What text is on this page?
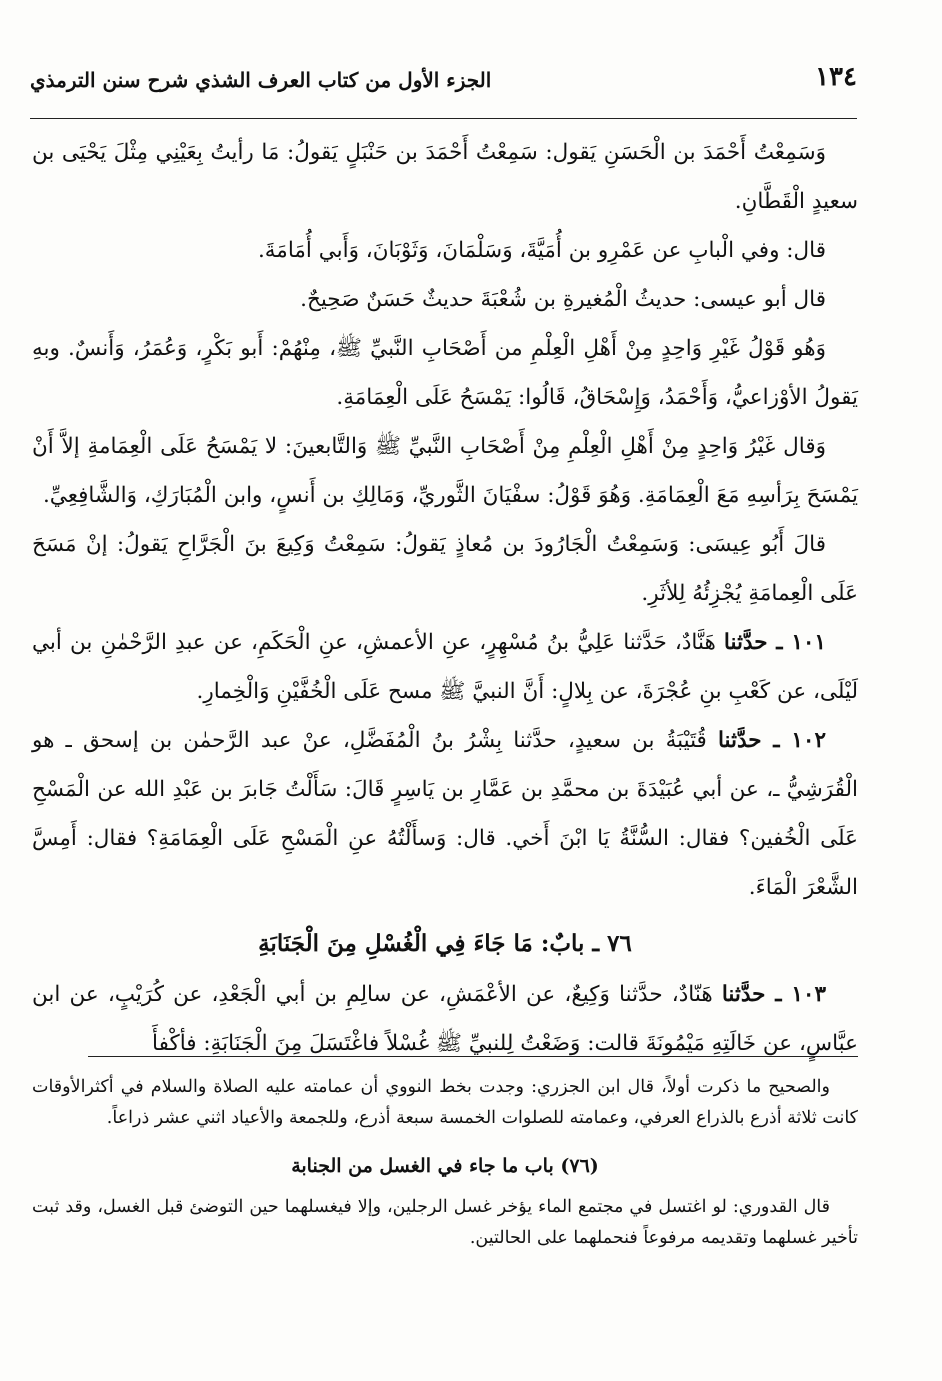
١٣٤
الجزء الأول من كتاب العرف الشذي شرح سنن الترمذي

وَسَمِعْتُ أَحْمَدَ بن الْحَسَنِ يَقول: سَمِعْتُ أَحْمَدَ بن حَنْبَلٍ يَقولُ: مَا رأيتُ بِعَيْنِي مِثْلَ يَحْيَى بن سعيدٍ الْقَطَّانِ.

قال: وفي الْبابِ عن عَمْرِو بن أُمَيَّةَ، وَسَلْمَانَ، وَثَوْبَانَ، وَأَبي أُمَامَةَ.

قال أبو عيسى: حديثُ الْمُغيرةِ بن شُعْبَةَ حديثٌ حَسَنٌ صَحِيحٌ.

وَهُو قَوْلُ غَيْرِ وَاحِدٍ مِنْ أَهْلِ الْعِلْمِ من أَصْحَابِ النَّبيِّ ﷺ، مِنْهُمْ: أَبو بَكْرٍ، وَعُمَرُ، وَأَنسٌ. وبهِ يَقولُ الأوْزاعيُّ، وَأَحْمَدُ، وَإِسْحَاقُ، قَالُوا: يَمْسَحُ عَلَى الْعِمَامَةِ.

وَقال غَيْرُ وَاحِدٍ مِنْ أَهْلِ الْعِلْمِ مِنْ أَصْحَابِ النَّبيِّ ﷺ وَالتَّابعينَ: لا يَمْسَحُ عَلَى الْعِمَامةِ إلاَّ أَنْ يَمْسَحَ بِرَأسِهِ مَعَ الْعِمَامَةِ. وَهُوَ قَوْلُ: سفْيَانَ الثَّوريِّ، وَمَالِكِ بن أَنسٍ، وابن الْمُبَارَكِ، وَالشَّافِعِيِّ.

قالَ أَبُو عِيسَى: وَسَمِعْتُ الْجَارُودَ بن مُعاذٍ يَقولُ: سَمِعْتُ وَكِيعَ بنَ الْجَرَّاحِ يَقولُ: إنْ مَسَحَ عَلَى الْعِمامَةِ يُجْزِئُهُ لِلأثَرِ.

١٠١ ـ حدَّثنا هَنَّادٌ، حَدَّثنا عَلِيُّ بنُ مُسْهِرٍ، عنِ الأعمشِ، عنِ الْحَكَمِ، عن عبدِ الرَّحْمٰنِ بن أبي لَيْلَى، عن كَعْبِ بنِ عُجْرَةَ، عن بِلالٍ: أَنَّ النبيَّ ﷺ مسح عَلَى الْخُفَّيْنِ وَالْخِمارِ.

١٠٢ ـ حدَّثنا قُتَيْبَةُ بن سعيدٍ، حدَّثنا بِشْرُ بنُ الْمُفَضَّلِ، عنْ عبد الرَّحمٰن بن إسحق ـ هو الْقُرَشِيُّ ـ، عن أبي عُبَيْدَةَ بن محمَّدِ بن عَمَّارِ بن يَاسِرٍ قَالَ: سَأَلْتُ جَابرَ بن عَبْدِ الله عن الْمَسْحِ عَلَى الْخُفين؟ فقال: السُّنَّةُ يَا ابْنَ أَخي. قال: وَسأَلْتُهُ عنِ الْمَسْحِ عَلَى الْعِمَامَةِ؟ فقال: أَمِسَّ الشَّعْرَ الْمَاءَ.

٧٦ ـ بابٌ: مَا جَاءَ فِي الْغُسْلِ مِنَ الْجَنَابَةِ

١٠٣ ـ حدَّثنا هَنّادٌ، حدَّثنا وَكِيعٌ، عن الأعْمَشِ، عن سالِمِ بن أبي الْجَعْدِ، عن كُرَيْبٍ، عن ابن عبَّاسٍ، عن خَالَتِهِ مَيْمُونَةَ قالت: وَضَعْتُ لِلنبيِّ ﷺ غُسْلاً فاغْتَسَلَ مِنَ الْجَنَابَةِ: فأكْفأَ

والصحيح ما ذكرت أولاً، قال ابن الجزري: وجدت بخط النووي أن عمامته عليه الصلاة والسلام في أكثرالأوقات كانت ثلاثة أذرع بالذراع العرفي، وعمامته للصلوات الخمسة سبعة أذرع، وللجمعة والأعياد اثني عشر ذراعاً.

(٧٦) باب ما جاء في الغسل من الجنابة

قال القدوري: لو اغتسل في مجتمع الماء يؤخر غسل الرجلين، وإلا فيغسلهما حين التوضئ قبل الغسل، وقد ثبت تأخير غسلهما وتقديمه مرفوعاً فنحملهما على الحالتين.
